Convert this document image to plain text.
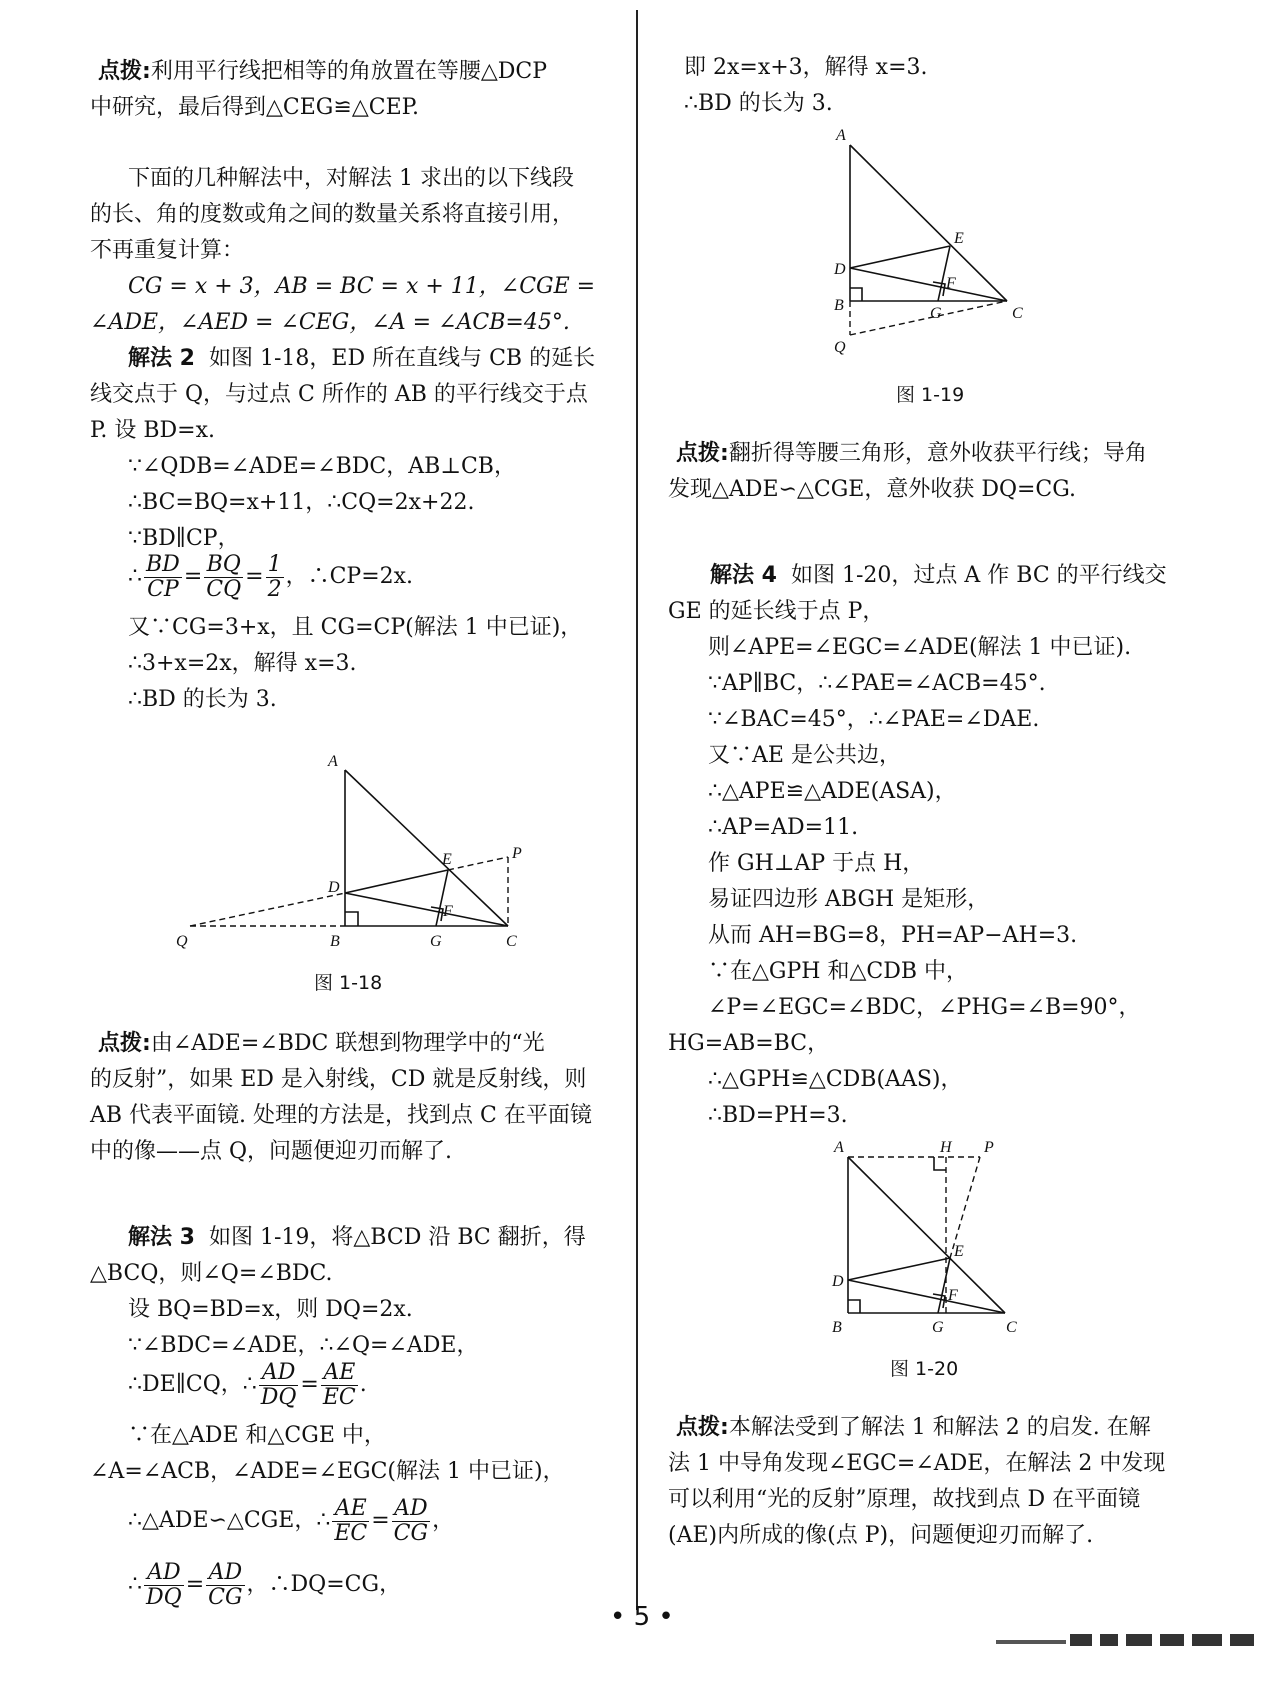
点拨:利用平行线把相等的角放置在等腰△DCP
中研究，最后得到△CEG≌△CEP.
下面的几种解法中，对解法 1 求出的以下线段
的长、角的度数或角之间的数量关系将直接引用，
不再重复计算：
CG = x + 3，AB = BC = x + 11，∠CGE =
∠ADE，∠AED = ∠CEG，∠A = ∠ACB=45°.
解法 2 如图 1-18，ED 所在直线与 CB 的延长
线交点于 Q，与过点 C 所作的 AB 的平行线交于点
P. 设 BD=x.
∵∠QDB=∠ADE=∠BDC，AB⊥CB，
∴BC=BQ=x+11，∴CQ=2x+22.
∵BD∥CP，
∴ $\frac{BD}{CP} = \frac{BQ}{CQ} = \frac{1}{2}$ ，∴CP=2x.
又∵CG=3+x，且 CG=CP(解法 1 中已证)，
∴3+x=2x，解得 x=3.
∴BD 的长为 3.
A
E	P
D
F
Q	B	G	C
图 1-18
点拨:由∠ADE=∠BDC 联想到物理学中的“光
的反射”，如果 ED 是入射线，CD 就是反射线，则
AB 代表平面镜. 处理的方法是，找到点 C 在平面镜
中的像——点 Q，问题便迎刃而解了.
解法 3 如图 1-19，将△BCD 沿 BC 翻折，得
△BCQ，则∠Q=∠BDC.
设 BQ=BD=x，则 DQ=2x.
∵∠BDC=∠ADE，∴∠Q=∠ADE，
∴DE∥CQ，∴ $\frac{AD}{DQ} = \frac{AE}{EC}$ .
∵在△ADE 和△CGE 中，
∠A=∠ACB，∠ADE=∠EGC(解法 1 中已证)，
∴△ADE∽△CGE，∴ $\frac{AE}{EC} = \frac{AD}{CG}$ ，
∴ $\frac{AD}{DQ} = \frac{AD}{CG}$ ，∴DQ=CG，
即 2x=x+3，解得 x=3.
∴BD 的长为 3.
A
E
D
F
B	G	C
Q
图 1-19
点拨:翻折得等腰三角形，意外收获平行线；导角
发现△ADE∽△CGE，意外收获 DQ=CG.
解法 4 如图 1-20，过点 A 作 BC 的平行线交
GE 的延长线于点 P，
则∠APE=∠EGC=∠ADE(解法 1 中已证).
∵AP∥BC，∴∠PAE=∠ACB=45°.
∵∠BAC=45°，∴∠PAE=∠DAE.
又∵AE 是公共边，
∴△APE≌△ADE(ASA)，
∴AP=AD=11.
作 GH⊥AP 于点 H，
易证四边形 ABGH 是矩形，
从而 AH=BG=8，PH=AP−AH=3.
∵在△GPH 和△CDB 中，
∠P=∠EGC=∠BDC，∠PHG=∠B=90°，
HG=AB=BC，
∴△GPH≌△CDB(AAS)，
∴BD=PH=3.
A	H P
E
D
F
B	G	C
图 1-20
点拨:本解法受到了解法 1 和解法 2 的启发. 在解
法 1 中导角发现∠EGC=∠ADE，在解法 2 中发现
可以利用“光的反射”原理，故找到点 D 在平面镜
(AE)内所成的像(点 P)，问题便迎刃而解了.
• 5 •
